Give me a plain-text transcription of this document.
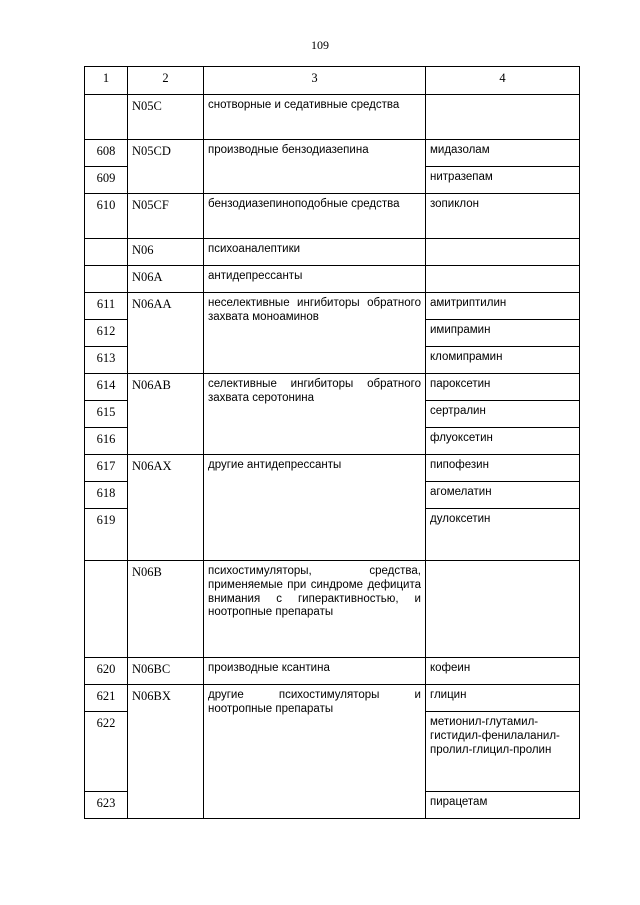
109
1	2	3	4
	N05C	снотворные и седативные средства	
608	N05CD	производные бензодиазепина	мидазолам
609			нитразепам
610	N05CF	бензодиазепиноподобные средства	зопиклон
	N06	психоаналептики	
	N06A	антидепрессанты	
611	N06AA	неселективные ингибиторы обратного захвата моноаминов	амитриптилин
612			имипрамин
613			кломипрамин
614	N06AB	селективные ингибиторы обратного захвата серотонина	пароксетин
615			сертралин
616			флуоксетин
617	N06AX	другие антидепрессанты	пипофезин
618			агомелатин
619			дулоксетин
	N06B	психостимуляторы, средства, применяемые при синдроме дефицита внимания с гиперактивностью, и ноотропные препараты	
620	N06BC	производные ксантина	кофеин
621	N06BX	другие психостимуляторы и ноотропные препараты	глицин
622			метионил-глутамил-гистидил-фенилаланил-пролил-глицил-пролин
623			пирацетам
